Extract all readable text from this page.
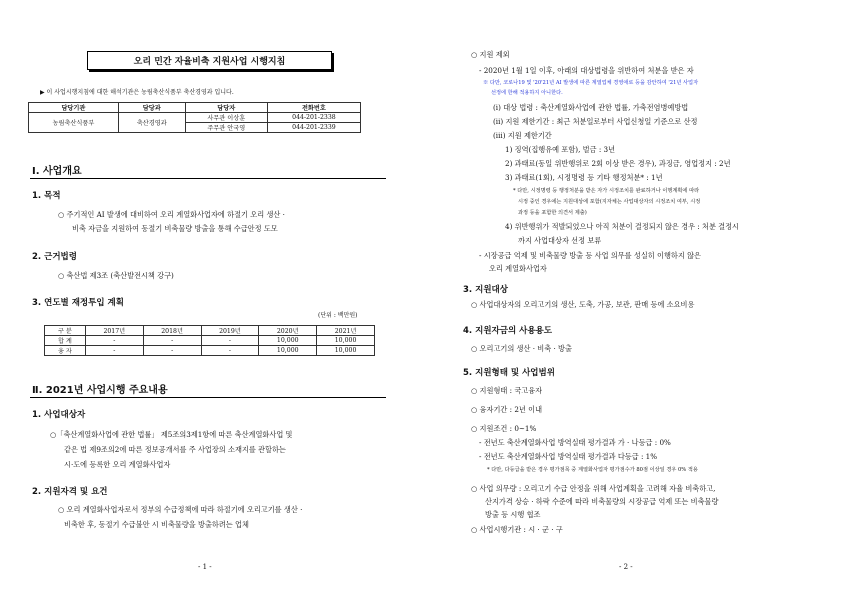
오리 민간 자율비축 지원사업 시행지침
▶ 이 사업시행지침에 대한 해석기관은 농림축산식품부 축산경영과 입니다.
담당기관	담당과	담당자	전화번호
농림축산식품부	축산경영과	사무관 이상훈	044-201-2338
		주무관 안국영	044-201-2339
Ⅰ. 사업개요
1. 목적
○ 주기적인 AI 발생에 대비하여 오리 계열화사업자에 하절기 오리 생산 ·
비축 자금을 지원하여 동절기 비축물량 방출을 통해 수급안정 도모
2. 근거법령
○ 축산법 제3조 (축산발전시책 강구)
3. 연도별 재정투입 계획
(단위 : 백만원)
구 분	2017년	2018년	2019년	2020년	2021년
합 계	-	-	-	10,000	10,000
융 자	-	-	-	10,000	10,000
Ⅱ. 2021년 사업시행 주요내용
1. 사업대상자
○「축산계열화사업에 관한 법률」 제5조의3제1항에 따른 축산계열화사업 및
같은 법 제9조의2에 따른 정보공개서를 주 사업장의 소재지를 관할하는
시·도에 등록한 오리 계열화사업자
2. 지원자격 및 요건
○ 오리 계열화사업자로서 정부의 수급정책에 따라 하절기에 오리고기를 생산 ·
비축한 후, 동절기 수급불안 시 비축물량을 방출하려는 업체
- 1 -
○ 지원 제외
- 2020년 1월 1일 이후, 아래의 대상법령을 위반하여 처분을 받은 자
※ 다만, 코로나19 및 '20'21년 AI 발생에 따른 계열업체 경영애로 등을 감안하여 '21년 사업자
선정에 한해 적용하지 아니한다.
(ⅰ) 대상 법령 : 축산계열화사업에 관한 법률, 가축전염병예방법
(ⅱ) 지원 제한기간 : 최근 처분일로부터 사업신청일 기준으로 산정
(ⅲ) 지원 제한기간
1) 징역(집행유예 포함), 벌금 : 3년
2) 과태료(동일 위반행위로 2회 이상 받은 경우), 과징금, 영업정지 : 2년
3) 과태료(1회), 시정명령 등 기타 행정처분* : 1년
* 다만, 시정명령 등 행정처분을 받은 자가 시정조치를 완료하거나 이행계획에 따라
시정 중인 경우에는 지원대상에 포함(지자체는 사업대상자의 시정조치 여부, 시정
과정 등을 포함한 의견서 제출)
4) 위반행위가 적발되었으나 아직 처분이 결정되지 않은 경우 : 처분 결정시
까지 사업대상자 선정 보류
- 시장공급 억제 및 비축물량 방출 등 사업 의무를 성실히 이행하지 않은
오리 계열화사업자
3. 지원대상
○ 사업대상자의 오리고기의 생산, 도축, 가공, 보관, 판매 등에 소요비용
4. 지원자금의 사용용도
○ 오리고기의 생산 · 비축 · 방출
5. 지원형태 및 사업범위
○ 지원형태 : 국고융자
○ 융자기간 : 2년 이내
○ 지원조건 : 0~1%
- 전년도 축산계열화사업 방역실태 평가결과 가 · 나등급 : 0%
- 전년도 축산계열화사업 방역실태 평가결과 다등급 : 1%
* 다만, 다등급을 받은 경우 평가점목 중 계열화사업자 평가점수가 80점 이상일 경우 0% 적용
○ 사업 의무량 : 오리고기 수급 안정을 위해 사업계획을 고려해 자율 비축하고,
산지가격 상승 · 하락 수준에 따라 비축물량의 시장공급 억제 또는 비축물량
방출 등 시행 협조
○ 사업시행기관 : 시 · 군 · 구
- 2 -
